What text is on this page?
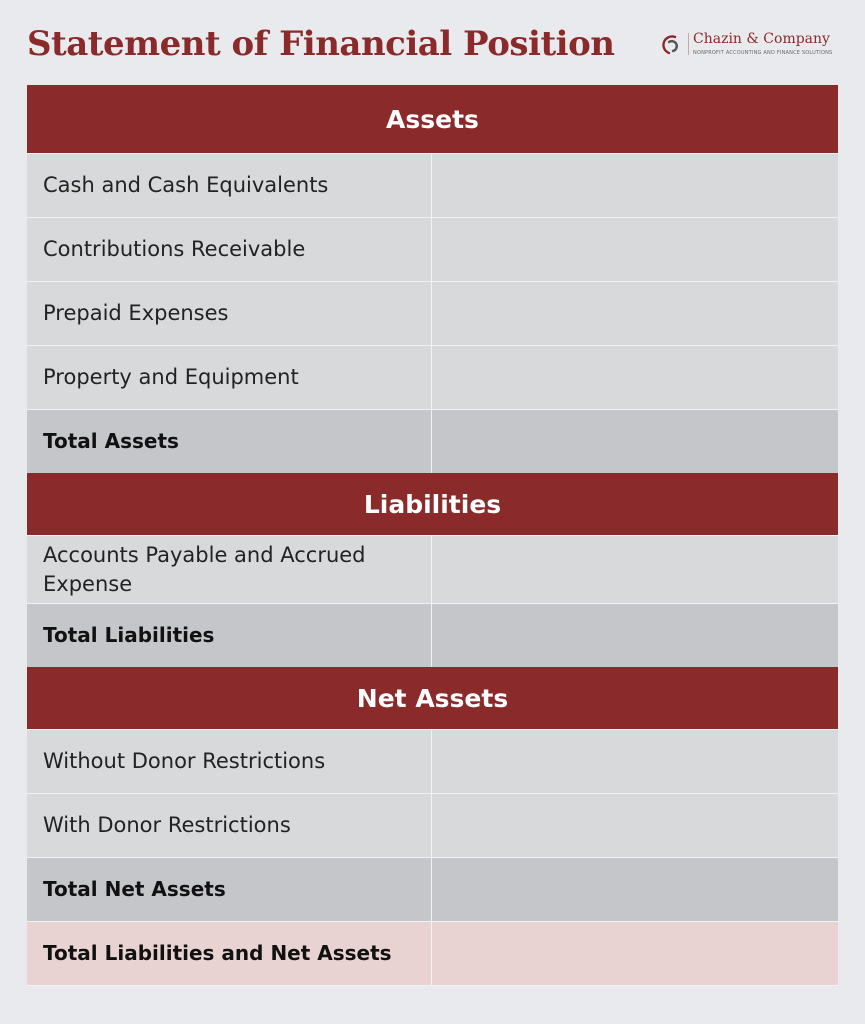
Statement of Financial Position	Chazin & Company
NONPROFIT ACCOUNTING AND FINANCE SOLUTIONS
Assets
Cash and Cash Equivalents
Contributions Receivable
Prepaid Expenses
Property and Equipment
Total Assets
Liabilities
Accounts Payable and Accrued Expense
Total Liabilities
Net Assets
Without Donor Restrictions
With Donor Restrictions
Total Net Assets
Total Liabilities and Net Assets
